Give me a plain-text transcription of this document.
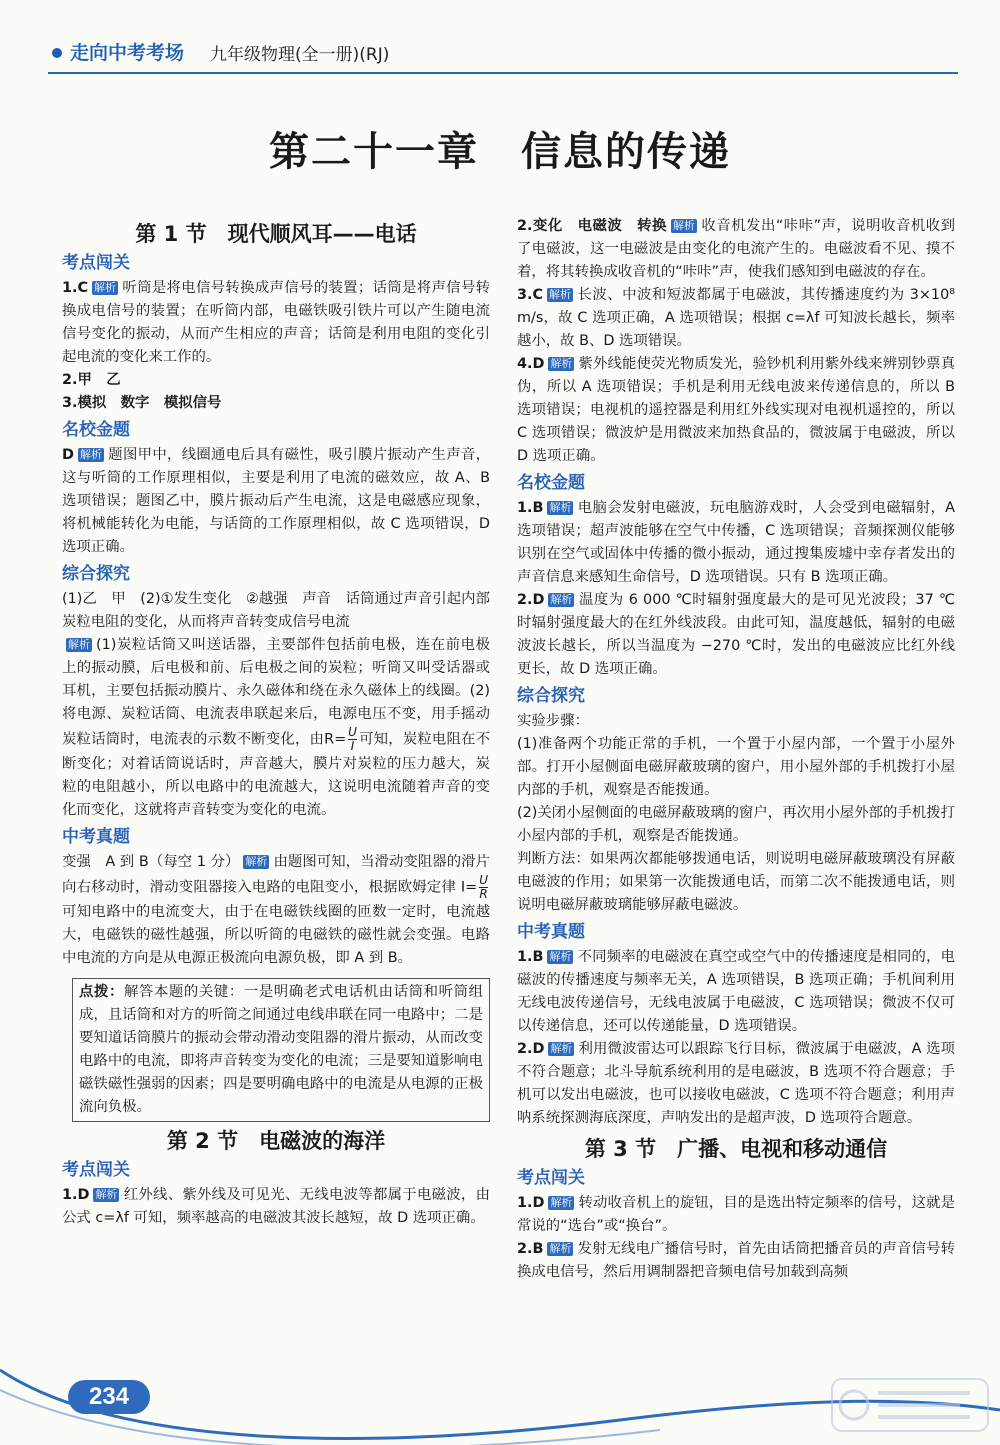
走向中考考场 九年级物理(全一册)(RJ)
第二十一章　信息的传递
第 1 节　现代顺风耳——电话
考点闯关

1.C 解析 听筒是将电信号转换成声信号的装置；话筒是将声信号转换成电信号的装置；在听筒内部，电磁铁吸引铁片可以产生随电流信号变化的振动，从而产生相应的声音；话筒是利用电阻的变化引起电流的变化来工作的。

2.甲　乙

3.模拟　数字　模拟信号

名校金题

D 解析 题图甲中，线圈通电后具有磁性，吸引膜片振动产生声音，这与听筒的工作原理相似，主要是利用了电流的磁效应，故 A、B 选项错误；题图乙中，膜片振动后产生电流，这是电磁感应现象，将机械能转化为电能，与话筒的工作原理相似，故 C 选项错误，D 选项正确。

综合探究

(1)乙　甲　(2)①发生变化　②越强　声音　话筒通过声音引起内部炭粒电阻的变化，从而将声音转变成信号电流

解析 (1)炭粒话筒又叫送话器，主要部件包括前电极，连在前电极上的振动膜，后电极和前、后电极之间的炭粒；听筒又叫受话器或耳机，主要包括振动膜片、永久磁体和绕在永久磁体上的线圈。(2)将电源、炭粒话筒、电流表串联起来后，电源电压不变，用手摇动炭粒话筒时，电流表的示数不断变化，由$R= \frac{U}{I}$ 可知，炭粒电阻在不断变化；对着话筒说话时，声音越大，膜片对炭粒的压力越大，炭粒的电阻越小，所以电路中的电流越大，这说明电流随着声音的变化而变化，这就将声音转变为变化的电流。

中考真题

变强　A 到 B（每空 1 分） 解析 由题图可知，当滑动变阻器的滑片向右移动时，滑动变阻器接入电路的电阻变小，根据欧姆定律 $I= \frac{U}{R}$
可知电路中的电流变大，由于在电磁铁线圈的匝数一定时，电流越大，电磁铁的磁性越强，所以听筒的电磁铁的磁性就会变强。电路中电流的方向是从电源正极流向电源负极，即 A 到 B。

点拨：解答本题的关键：一是明确老式电话机由话筒和听筒组成，且话筒和对方的听筒之间通过电线串联在同一电路中；二是要知道话筒膜片的振动会带动滑动变阻器的滑片振动，从而改变电路中的电流，即将声音转变为变化的电流；三是要知道影响电磁铁磁性强弱的因素；四是要明确电路中的电流是从电源的正极流向负极。

第 2 节　电磁波的海洋
考点闯关

1.D 解析 红外线、紫外线及可见光、无线电波等都属于电磁波，由公式 c=λf 可知，频率越高的电磁波其波长越短，故 D 选项正确。

2.变化　电磁波　转换 解析 收音机发出“咔咔”声，说明收音机收到了电磁波，这一电磁波是由变化的电流产生的。电磁波看不见、摸不着，将其转换成收音机的“咔咔”声，使我们感知到电磁波的存在。

3.C 解析 长波、中波和短波都属于电磁波，其传播速度约为 3×10⁸ m/s，故 C 选项正确，A 选项错误；根据 c=λf 可知波长越长，频率越小，故 B、D 选项错误。

4.D 解析 紫外线能使荧光物质发光，验钞机利用紫外线来辨别钞票真伪，所以 A 选项错误；手机是利用无线电波来传递信息的，所以 B 选项错误；电视机的遥控器是利用红外线实现对电视机遥控的，所以 C 选项错误；微波炉是用微波来加热食品的，微波属于电磁波，所以 D 选项正确。

名校金题

1.B 解析 电脑会发射电磁波，玩电脑游戏时，人会受到电磁辐射，A 选项错误；超声波能够在空气中传播，C 选项错误；音频探测仪能够识别在空气或固体中传播的微小振动，通过搜集废墟中幸存者发出的声音信息来感知生命信号，D 选项错误。只有 B 选项正确。

2.D 解析 温度为 6 000 ℃时辐射强度最大的是可见光波段；37 ℃时辐射强度最大的在红外线波段。由此可知，温度越低，辐射的电磁波波长越长，所以当温度为 −270 ℃时，发出的电磁波应比红外线更长，故 D 选项正确。

综合探究

实验步骤：

(1)准备两个功能正常的手机，一个置于小屋内部，一个置于小屋外部。打开小屋侧面电磁屏蔽玻璃的窗户，用小屋外部的手机拨打小屋内部的手机，观察是否能拨通。

(2)关闭小屋侧面的电磁屏蔽玻璃的窗户，再次用小屋外部的手机拨打小屋内部的手机，观察是否能拨通。

判断方法：如果两次都能够拨通电话，则说明电磁屏蔽玻璃没有屏蔽电磁波的作用；如果第一次能拨通电话，而第二次不能拨通电话，则说明电磁屏蔽玻璃能够屏蔽电磁波。

中考真题

1.B 解析 不同频率的电磁波在真空或空气中的传播速度是相同的，电磁波的传播速度与频率无关，A 选项错误，B 选项正确；手机间利用无线电波传递信号，无线电波属于电磁波，C 选项错误；微波不仅可以传递信息，还可以传递能量，D 选项错误。

2.D 解析 利用微波雷达可以跟踪飞行目标，微波属于电磁波，A 选项不符合题意；北斗导航系统利用的是电磁波，B 选项不符合题意；手机可以发出电磁波，也可以接收电磁波，C 选项不符合题意；利用声呐系统探测海底深度，声呐发出的是超声波，D 选项符合题意。

第 3 节　广播、电视和移动通信
考点闯关

1.D 解析 转动收音机上的旋钮，目的是选出特定频率的信号，这就是常说的“选台”或“换台”。

2.B 解析 发射无线电广播信号时，首先由话筒把播音员的声音信号转换成电信号，然后用调制器把音频电信号加载到高频

234
